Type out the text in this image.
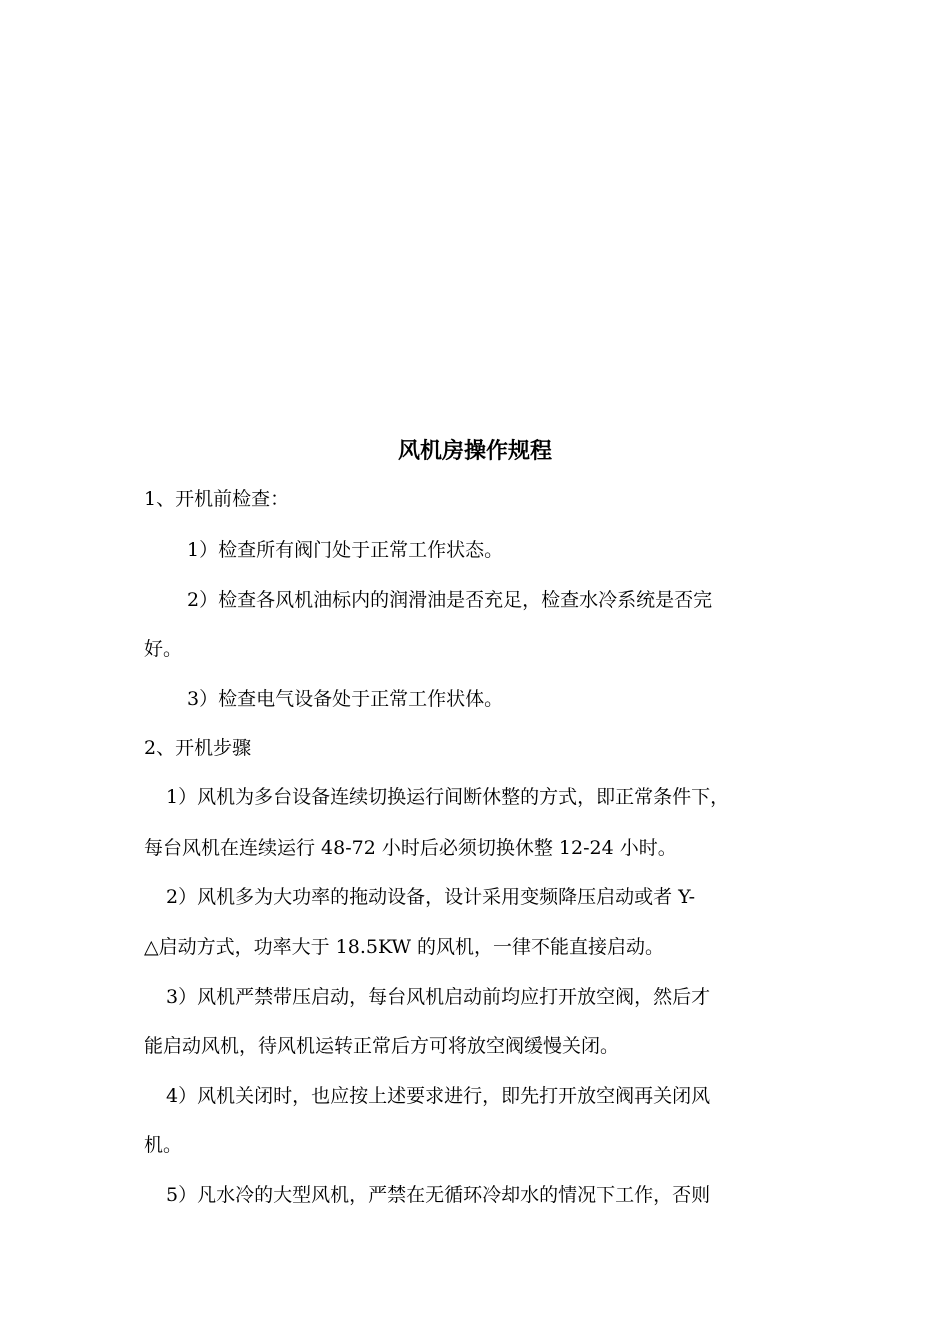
风机房操作规程

1、开机前检查：

1）检查所有阀门处于正常工作状态。

2）检查各风机油标内的润滑油是否充足，检查水冷系统是否完

好。

3）检查电气设备处于正常工作状体。

2、开机步骤

1）风机为多台设备连续切换运行间断休整的方式，即正常条件下，

每台风机在连续运行 48-72 小时后必须切换休整 12-24 小时。

2）风机多为大功率的拖动设备，设计采用变频降压启动或者 Y-

△启动方式，功率大于 18.5KW 的风机，一律不能直接启动。

3）风机严禁带压启动，每台风机启动前均应打开放空阀，然后才

能启动风机，待风机运转正常后方可将放空阀缓慢关闭。

4）风机关闭时，也应按上述要求进行，即先打开放空阀再关闭风

机。

5）凡水冷的大型风机，严禁在无循环冷却水的情况下工作，否则
